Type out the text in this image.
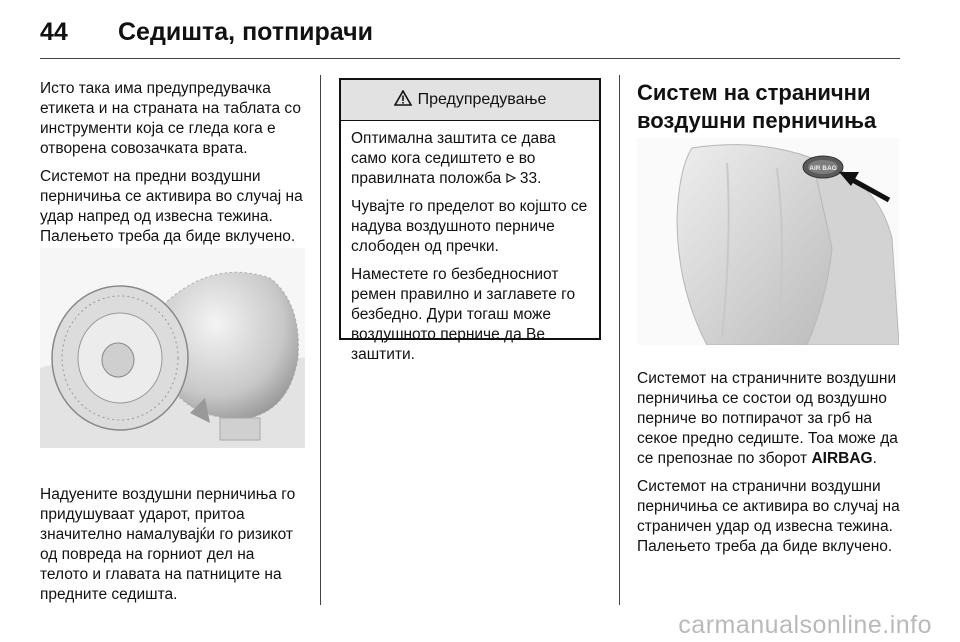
44 Седишта, потпирачи

Исто така има предупредувачка етикета и на страната на таблата со инструменти која се гледа кога е отворена совозачката врата.

Системот на предни воздушни перничиња се активира во случај на удар напред од извесна тежина. Палењето треба да биде вклучено.

Надуените воздушни перничиња го придушуваат ударот, притоа значително намалувајќи го ризикот од повреда на горниот дел на телото и главата на патниците на предните седишта.

Предупредување

Оптимална заштита се дава само кога седиштето е во правилната положба 33.

Чуваjте го пределот во коjшто се надува воздушното перниче слободен од пречки.

Наместете го безбедносниот ремен правилно и заглавете го безбедно. Дури тогаш може воздушното перниче да Ве заштити.

Систем на странични воздушни перничиња

Системот на страничните воздушни перничиња се состои од воздушно перниче во потпирачот за грб на секое предно седиште. Тоа може да се препознае по зборот AIRBAG.

Системот на странични воздушни перничиња се активира во случај на страничен удар од извесна тежина. Палењето треба да биде вклучено.

AIR BAG
carmanualsonline.info
